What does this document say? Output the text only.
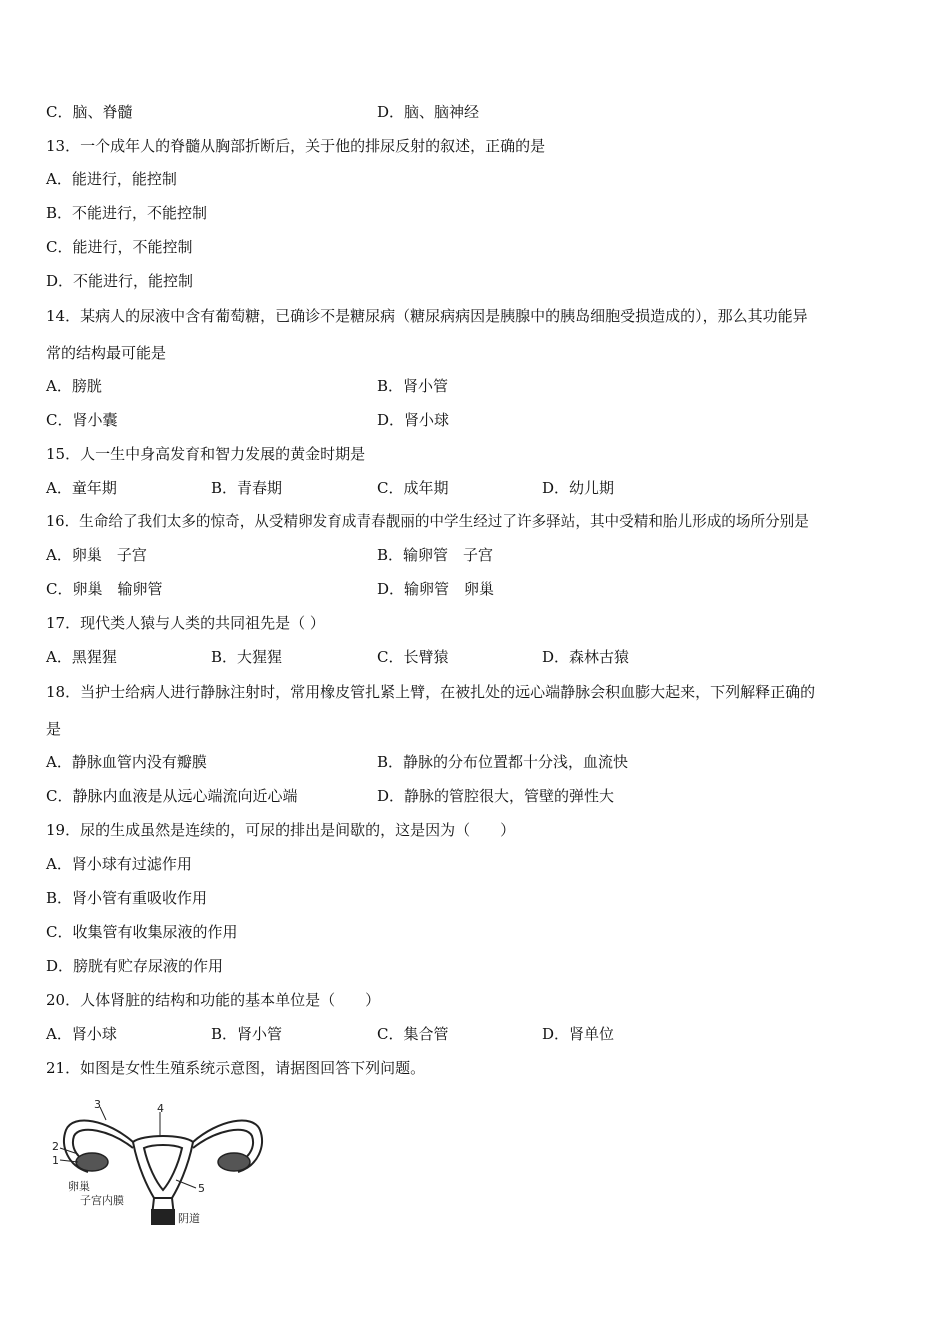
C．脑、脊髓	D．脑、脑神经
13．一个成年人的脊髓从胸部折断后，关于他的排尿反射的叙述，正确的是
A．能进行，能控制
B．不能进行，不能控制
C．能进行，不能控制
D．不能进行，能控制
14．某病人的尿液中含有葡萄糖，已确诊不是糖尿病（糖尿病病因是胰腺中的胰岛细胞受损造成的），那么其功能异
常的结构最可能是
A．膀胱	B．肾小管
C．肾小囊	D．肾小球
15．人一生中身高发育和智力发展的黄金时期是
A．童年期	B．青春期	C．成年期	D．幼儿期
16．生命给了我们太多的惊奇，从受精卵发育成青春靓丽的中学生经过了许多驿站，其中受精和胎儿形成的场所分别是
A．卵巢　子宫	B．输卵管　子宫
C．卵巢　输卵管	D．输卵管　卵巢
17．现代类人猿与人类的共同祖先是（ ）
A．黑猩猩	B．大猩猩	C．长臂猿	D．森林古猿
18．当护士给病人进行静脉注射时，常用橡皮管扎紧上臂，在被扎处的远心端静脉会积血膨大起来，下列解释正确的
是
A．静脉血管内没有瓣膜	B．静脉的分布位置都十分浅，血流快
C．静脉内血液是从远心端流向近心端	D．静脉的管腔很大，管壁的弹性大
19．尿的生成虽然是连续的，可尿的排出是间歇的，这是因为（　　）
A．肾小球有过滤作用
B．肾小管有重吸收作用
C．收集管有收集尿液的作用
D．膀胱有贮存尿液的作用
20．人体肾脏的结构和功能的基本单位是（　　）
A．肾小球	B．肾小管	C．集合管	D．肾单位
21．如图是女性生殖系统示意图，请据图回答下列问题。
3	4
2
1
5
卵巢
子宫内膜
阴道
